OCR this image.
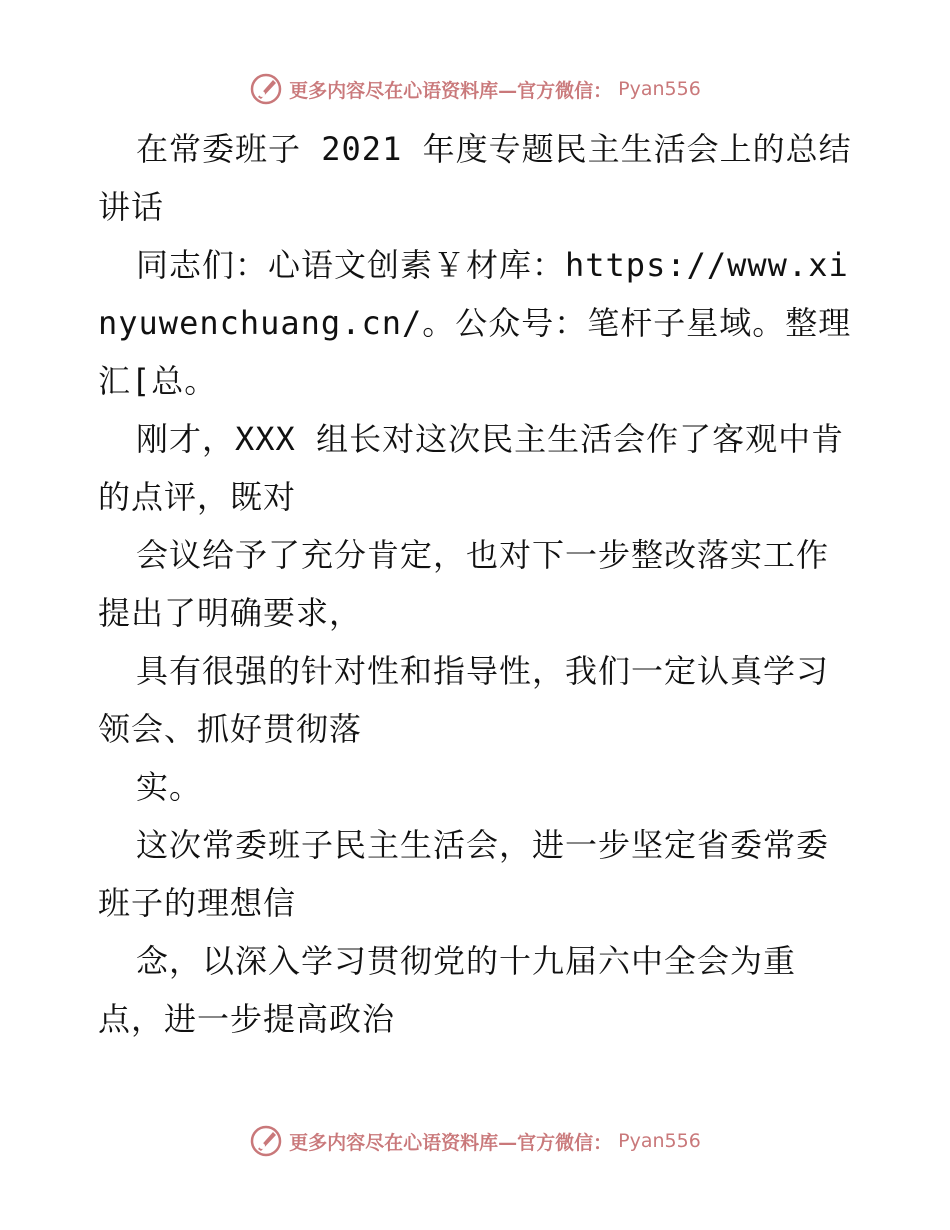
更多内容尽在心语资料库—官方微信： Pyan556

在常委班子 2021 年度专题民主生活会上的总结讲话

同志们：心语文创素￥材库：https://www.xinyuwenchuang.cn/。公众号：笔杆子星域。整理汇[总。

刚才，XXX 组长对这次民主生活会作了客观中肯的点评，既对

会议给予了充分肯定，也对下一步整改落实工作提出了明确要求，

具有很强的针对性和指导性，我们一定认真学习领会、抓好贯彻落

实。

这次常委班子民主生活会，进一步坚定省委常委班子的理想信

念，以深入学习贯彻党的十九届六中全会为重点，进一步提高政治

更多内容尽在心语资料库—官方微信： Pyan556
